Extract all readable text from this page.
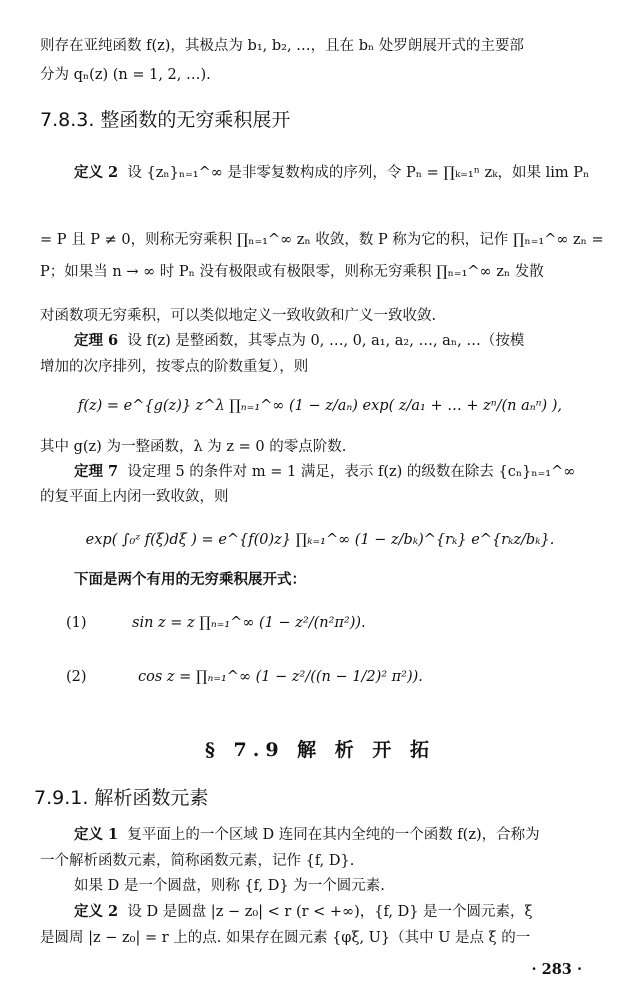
则存在亚纯函数 f(z)，其极点为 b₁, b₂, …，且在 bₙ 处罗朗展开式的主要部
分为 qₙ(z) (n = 1, 2, …).
7.8.3. 整函数的无穷乘积展开
定义 2 设 {zₙ}ₙ₌₁^∞ 是非零复数构成的序列，令 Pₙ = ∏ₖ₌₁ⁿ zₖ，如果 lim Pₙ
= P 且 P ≠ 0，则称无穷乘积 ∏ₙ₌₁^∞ zₙ 收敛，数 P 称为它的积，记作 ∏ₙ₌₁^∞ zₙ =
P；如果当 n → ∞ 时 Pₙ 没有极限或有极限零，则称无穷乘积 ∏ₙ₌₁^∞ zₙ 发散
对函数项无穷乘积，可以类似地定义一致收敛和广义一致收敛.
定理 6 设 f(z) 是整函数，其零点为 0, …, 0, a₁, a₂, …, aₙ, …（按模
增加的次序排列，按零点的阶数重复），则
f(z) = e^{g(z)} z^λ ∏ₙ₌₁^∞ (1 − z/aₙ) exp( z/a₁ + … + zⁿ/(n aₙⁿ) ),
其中 g(z) 为一整函数，λ 为 z = 0 的零点阶数.
定理 7 设定理 5 的条件对 m = 1 满足，表示 f(z) 的级数在除去 {cₙ}ₙ₌₁^∞
的复平面上内闭一致收敛，则
exp( ∫₀ᶻ f(ξ)dξ ) = e^{f(0)z} ∏ₖ₌₁^∞ (1 − z/bₖ)^{rₖ} e^{rₖz/bₖ}.
下面是两个有用的无穷乘积展开式：
(1)	sin z = z ∏ₙ₌₁^∞ (1 − z²/(n²π²)).
(2)	cos z = ∏ₙ₌₁^∞ (1 − z²/((n − 1/2)² π²)).
§ 7.9 解 析 开 拓
7.9.1. 解析函数元素
定义 1 复平面上的一个区域 D 连同在其内全纯的一个函数 f(z)，合称为
一个解析函数元素，简称函数元素，记作 {f, D}.
如果 D 是一个圆盘，则称 {f, D} 为一个圆元素.
定义 2 设 D 是圆盘 |z − z₀| < r (r < +∞)，{f, D} 是一个圆元素，ξ
是圆周 |z − z₀| = r 上的点. 如果存在圆元素 {φξ, U}（其中 U 是点 ξ 的一
· 283 ·
